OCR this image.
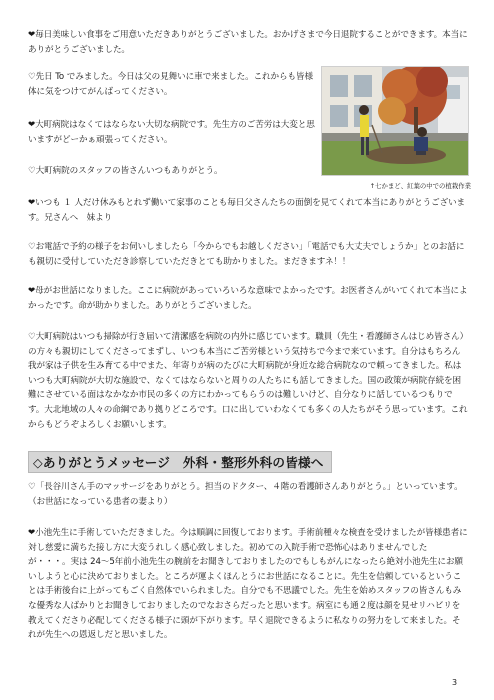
❤毎日美味しい食事をご用意いただきありがとうございました。おかげさまで今日退院することができます。本当にありがとうございました。

♡先日 To でみました。今日は父の見舞いに車で来ました。これからも皆様体に気をつけてがんばってください。

❤大町病院はなくてはならない大切な病院です。先生方のご苦労は大変と思いますがどーかぁ頑張ってください。

♡大町病院のスタッフの皆さんいつもありがとう。

↑七かまど、紅葉の中での植栽作業

❤いつも １ 人だけ休みもとれず働いて家事のことも毎日父さんたちの面倒を見てくれて本当にありがとうございます。兄さんへ　妹より

♡お電話で予約の様子をお伺いしましたら「今からでもお越しください」「電話でも大丈夫でしょうか」とのお話にも親切に受付していただき診察していただきとても助かりました。まだきますネ！！

❤母がお世話になりました。ここに病院があっていろいろな意味でよかったです。お医者さんがいてくれて本当によかったです。命が助かりました。ありがとうございました。

♡大町病院はいつも掃除が行き届いて清潔感を病院の内外に感じています。職員（先生・看護師さんはじめ皆さん）の方々も親切にしてくださってまずし、いつも本当にご苦労様という気持ちで今まで来ています。自分はもちろん我が家は子供を生み育てる中でまた、年寄りが病のたびに大町病院が身近な総合病院なので頼ってきました。私はいつも大町病院が大切な施設で、なくてはならないと周りの人たちにも話してきました。国の政策が病院存続を困難にさせている面はなかなか市民の多くの方にわかってもらうのは難しいけど、自分なりに話しているつもりです。大北地域の人々の命綱であり拠りどころです。口に出していわなくても多くの人たちがそう思っています。これからもどうぞよろしくお願いします。

◇ありがとうメッセージ　外科・整形外科の皆様へ

♡「長谷川さん手のマッサージをありがとう。担当のドクター、４階の看護師さんありがとう。」といっています。（お世話になっている患者の妻より）

❤小池先生に手術していただきました。今は順調に回復しております。手術前種々な検査を受けましたが皆様患者に対し慈愛に満ちた接し方に大変うれしく感心致しました。初めての入院手術で恐怖心はありませんでしたが・・・。実は 24～5年前小池先生の腕前をお聞きしておりましたのでもしもがんになったら絶対小池先生にお願いしようと心に決めておりました。ところが運よくほんとうにお世話になることに。先生を信頼しているということは手術後台に上がってもごく自然体でいられました。自分でも不思議でした。先生を始めスタッフの皆さんもみな優秀な人ばかりとお聞きしておりましたのでなおさらだったと思います。病室にも通２度は顔を見せリハビリを教えてくださり必配してくださる様子に頭が下がります。早く退院できるように私なりの努力をして来ました。それが先生への恩返しだと思いました。

3
